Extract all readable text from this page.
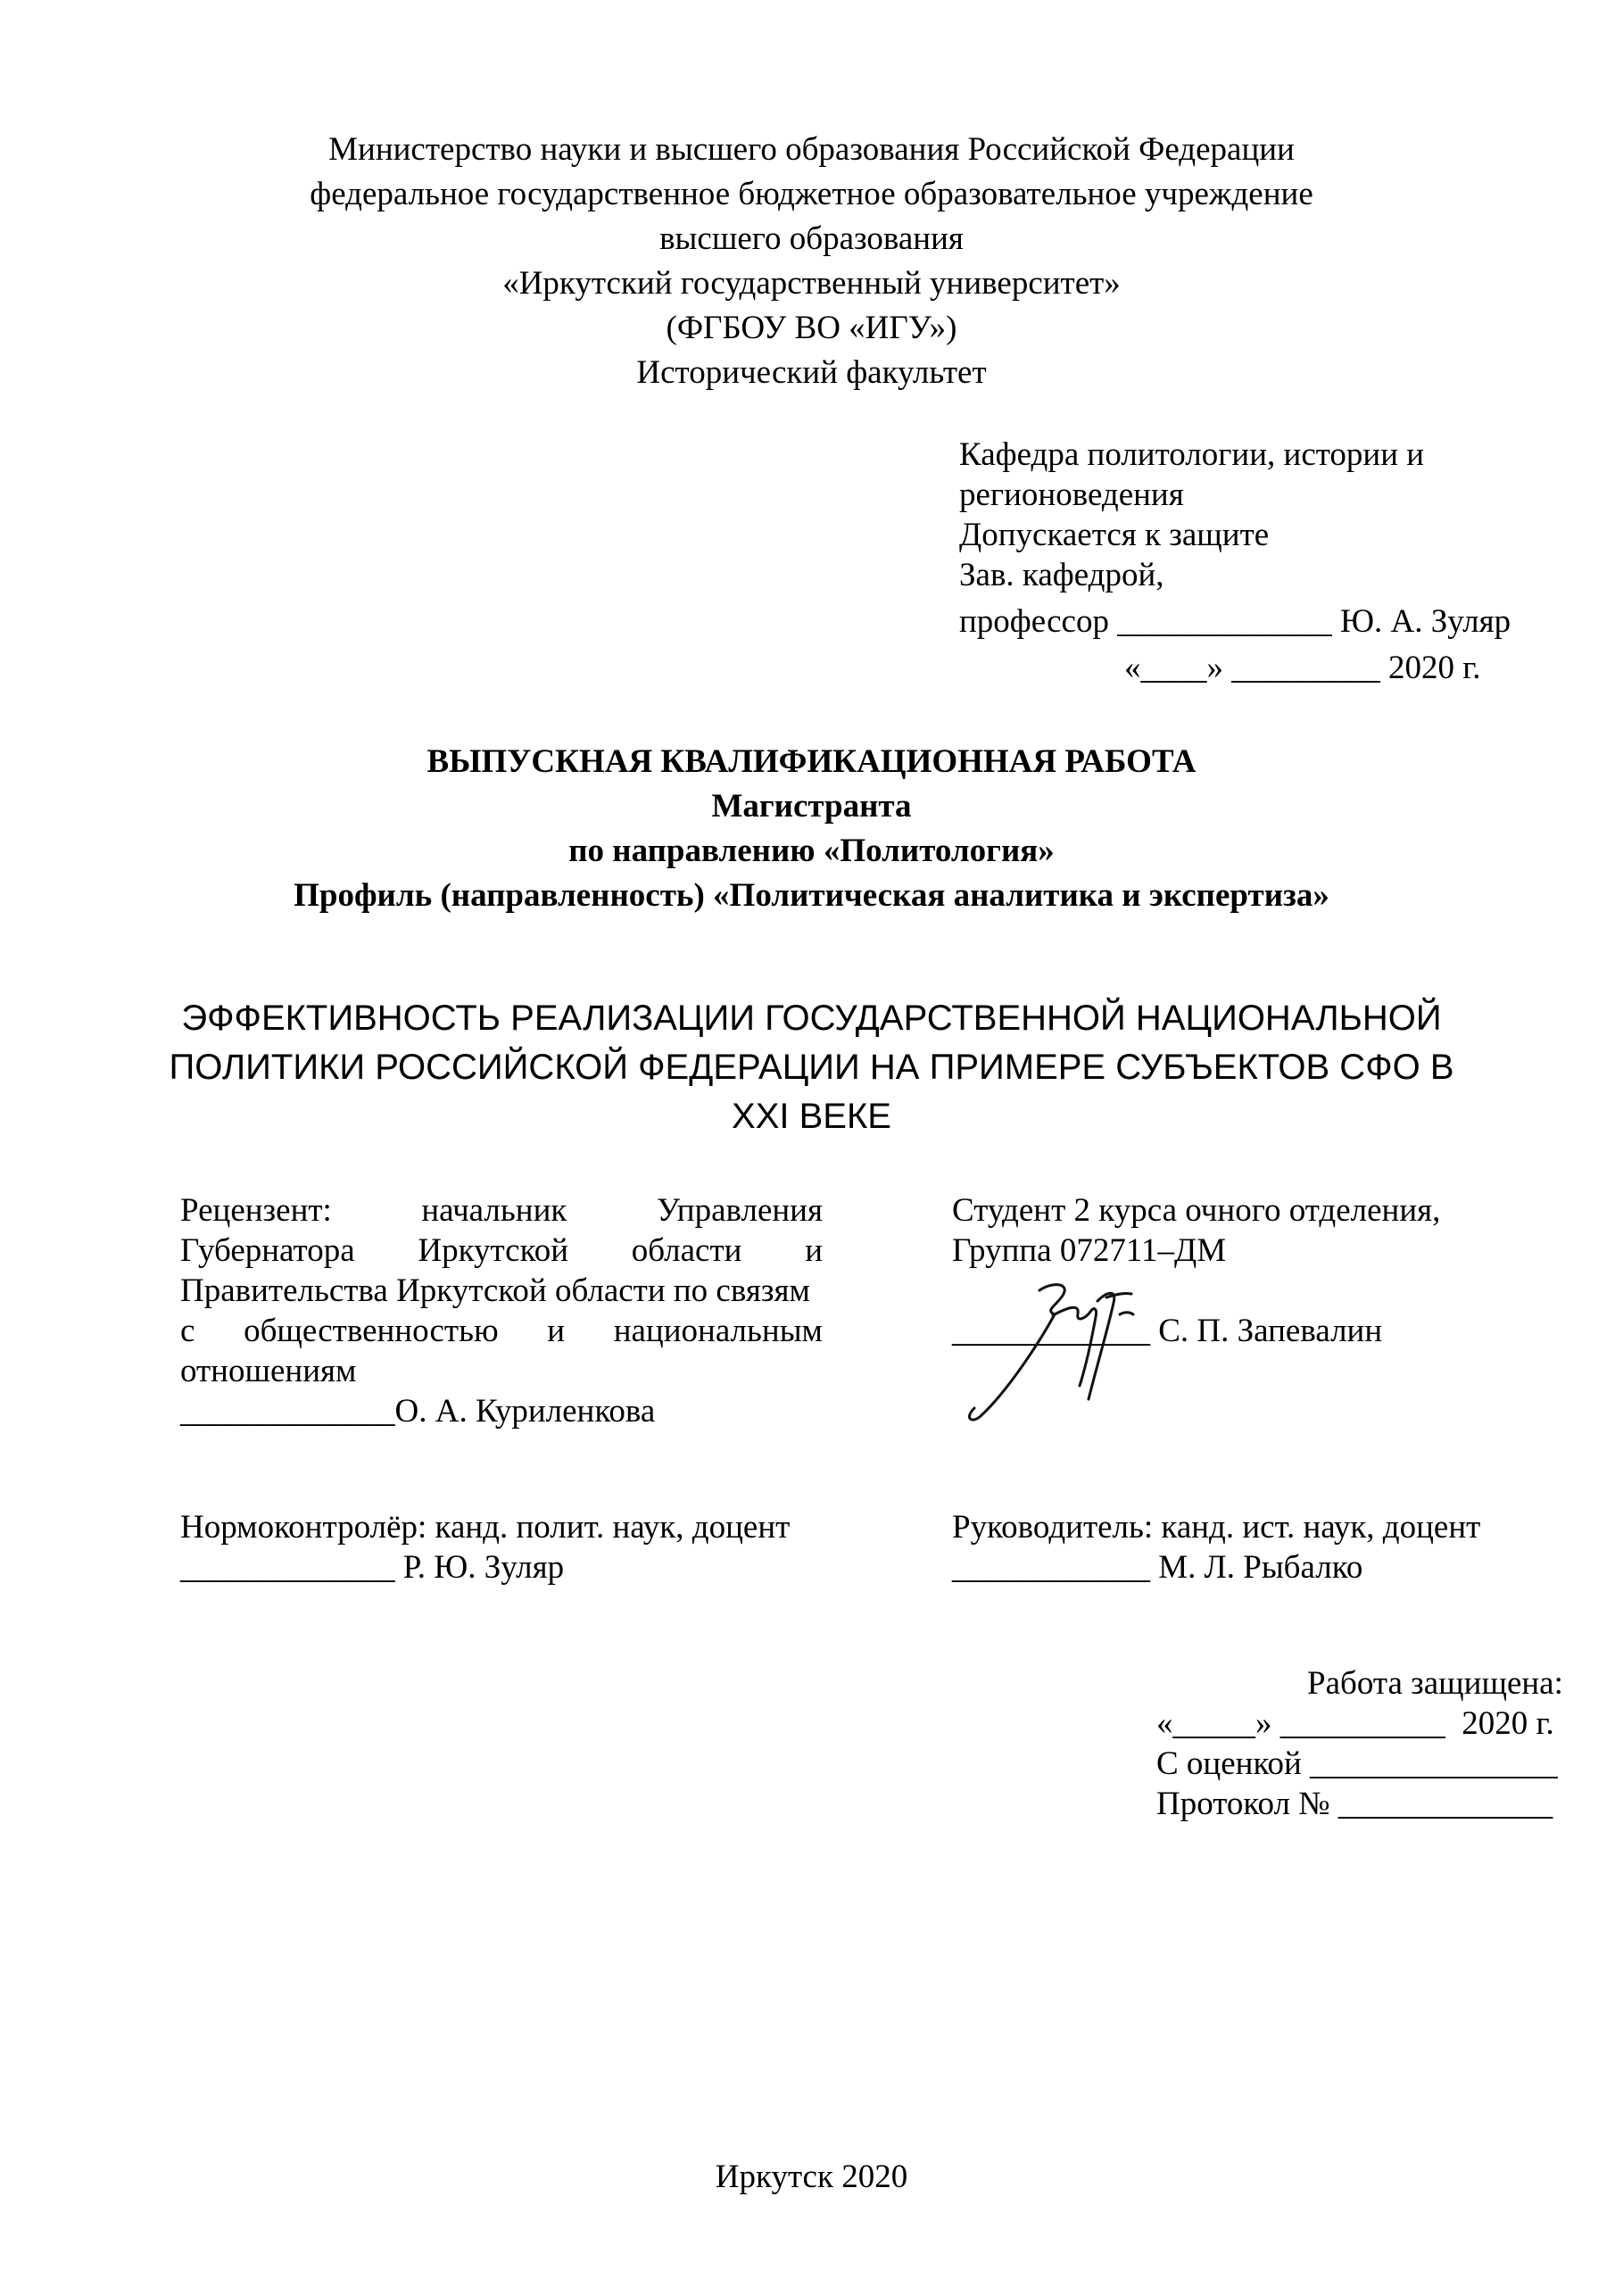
Министерство науки и высшего образования Российской Федерации
федеральное государственное бюджетное образовательное учреждение
высшего образования
«Иркутский государственный университет»
(ФГБОУ ВО «ИГУ»)
Исторический факультет
Кафедра политологии, истории и
регионоведения
Допускается к защите
Зав. кафедрой,
профессор _____________ Ю. А. Зуляр
«____» _________ 2020 г.
ВЫПУСКНАЯ КВАЛИФИКАЦИОННАЯ РАБОТА
Магистранта
по направлению «Политология»
Профиль (направленность) «Политическая аналитика и экспертиза»
ЭФФЕКТИВНОСТЬ РЕАЛИЗАЦИИ ГОСУДАРСТВЕННОЙ НАЦИОНАЛЬНОЙ
ПОЛИТИКИ РОССИЙСКОЙ ФЕДЕРАЦИИ НА ПРИМЕРЕ СУБЪЕКТОВ СФО В
XXI ВЕКЕ
Рецензент:	начальник	Управления
Губернатора Иркутской области и
Правительства Иркутской области по связям
с общественностью и национальным
отношениям
_____________О. А. Куриленкова
Студент 2 курса очного отделения,
Группа 072711–ДМ
____________ С. П. Запевалин
Нормоконтролёр: канд. полит. наук, доцент
_____________ Р. Ю. Зуляр
Руководитель: канд. ист. наук, доцент
____________ М. Л. Рыбалко
Работа защищена:
«_____» __________  2020 г.
С оценкой _______________
Протокол № _____________
Иркутск 2020
